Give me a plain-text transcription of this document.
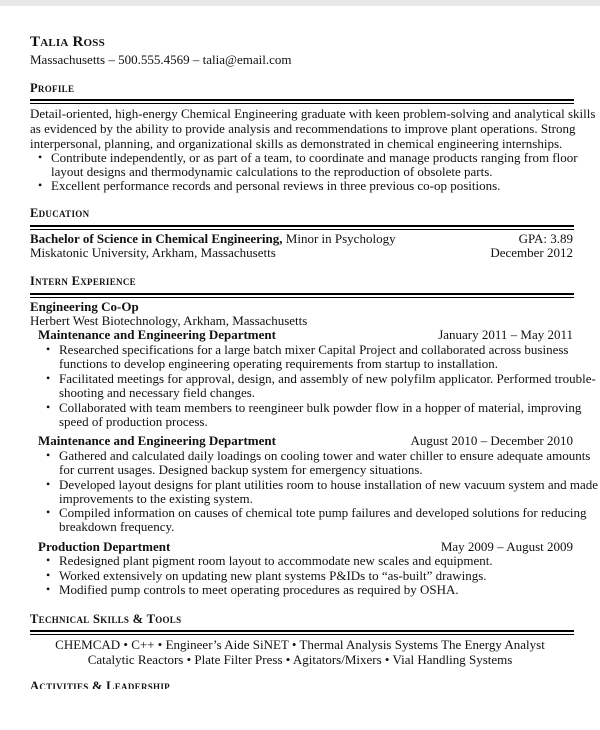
Talia Ross
Massachusetts – 500.555.4569 – talia@email.com
Profile
Detail-oriented, high-energy Chemical Engineering graduate with keen problem-solving and analytical skills
as evidenced by the ability to provide analysis and recommendations to improve plant operations. Strong
interpersonal, planning, and organizational skills as demonstrated in chemical engineering internships.
• Contribute independently, or as part of a team, to coordinate and manage products ranging from floor
layout designs and thermodynamic calculations to the reproduction of obsolete parts.
• Excellent performance records and personal reviews in three previous co-op positions.
Education
Bachelor of Science in Chemical Engineering, Minor in Psychology	GPA: 3.89
Miskatonic University, Arkham, Massachusetts	December 2012
Intern Experience
Engineering Co-Op
Herbert West Biotechnology, Arkham, Massachusetts
Maintenance and Engineering Department	January 2011 – May 2011
• Researched specifications for a large batch mixer Capital Project and collaborated across business
functions to develop engineering operating requirements from startup to installation.
• Facilitated meetings for approval, design, and assembly of new polyfilm applicator. Performed trouble-
shooting and necessary field changes.
• Collaborated with team members to reengineer bulk powder flow in a hopper of material, improving
speed of production process.
Maintenance and Engineering Department	August 2010 – December 2010
• Gathered and calculated daily loadings on cooling tower and water chiller to ensure adequate amounts
for current usages. Designed backup system for emergency situations.
• Developed layout designs for plant utilities room to house installation of new vacuum system and made
improvements to the existing system.
• Compiled information on causes of chemical tote pump failures and developed solutions for reducing
breakdown frequency.
Production Department	May 2009 – August 2009
• Redesigned plant pigment room layout to accommodate new scales and equipment.
• Worked extensively on updating new plant systems P&IDs to “as-built” drawings.
• Modified pump controls to meet operating procedures as required by OSHA.
Technical Skills & Tools
CHEMCAD • C++ • Engineer’s Aide SiNET • Thermal Analysis Systems The Energy Analyst
Catalytic Reactors • Plate Filter Press • Agitators/Mixers • Vial Handling Systems
Activities & Leadership
